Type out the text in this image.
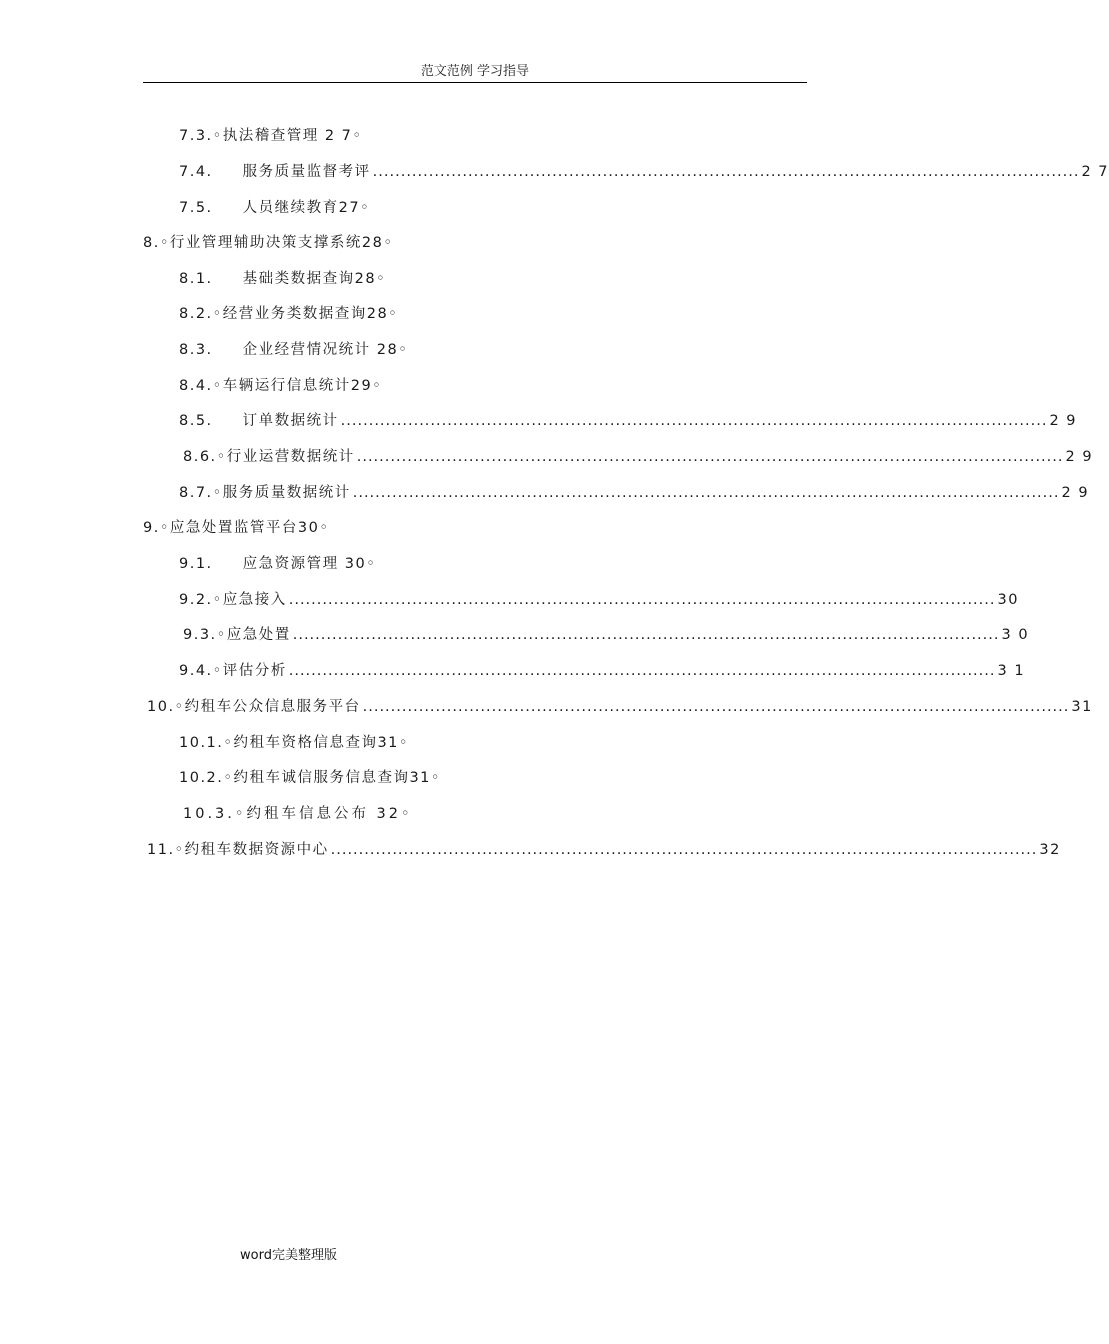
范文范例 学习指导
7.3.◦执法稽查管理 2 7◦
7.4. 服务质量监督考评 .............................................................................................................................. 2 7
7.5. 人员继续教育27◦
8.◦行业管理辅助决策支撑系统28◦
8.1. 基础类数据查询28◦
8.2.◦经营业务类数据查询28◦
8.3. 企业经营情况统计 28◦
8.4.◦车辆运行信息统计29◦
8.5. 订单数据统计 .............................................................................................................................. 2 9
8.6.◦行业运营数据统计 .............................................................................................................................. 2 9
8.7.◦服务质量数据统计 .............................................................................................................................. 2 9
9.◦应急处置监管平台30◦
9.1. 应急资源管理 30◦
9.2.◦应急接入 .............................................................................................................................. 30
9.3.◦应急处置 .............................................................................................................................. 3 0
9.4.◦评估分析 .............................................................................................................................. 3 1
10.◦约租车公众信息服务平台 .............................................................................................................................. 31
10.1.◦约租车资格信息查询31◦
10.2.◦约租车诚信服务信息查询31◦
10.3.◦约租车信息公布 32◦
11.◦约租车数据资源中心 .............................................................................................................................. 32
word完美整理版
